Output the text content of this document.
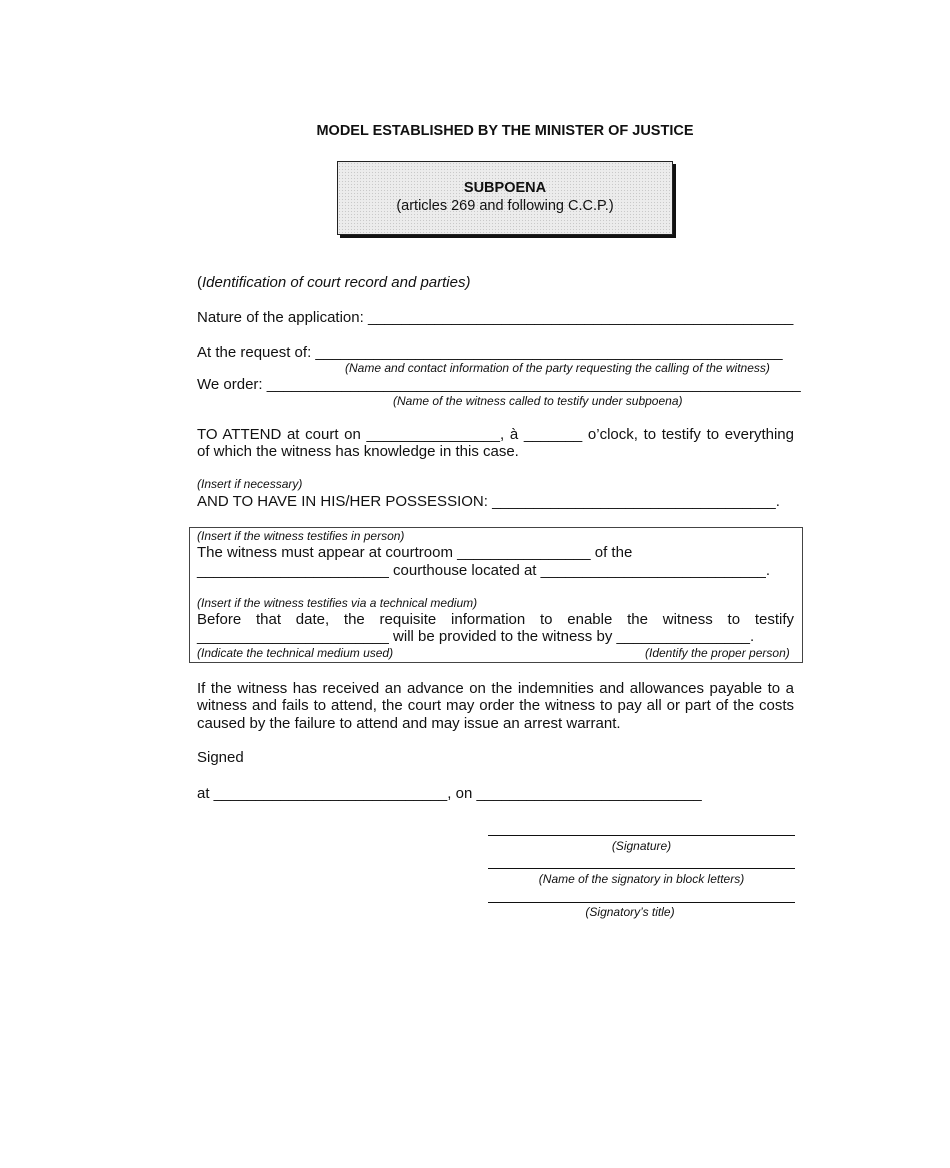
MODEL ESTABLISHED BY THE MINISTER OF JUSTICE
SUBPOENA
(articles 269 and following C.C.P.)
(Identification of court record and parties)
Nature of the application: ___________________________________________________
At the request of: ________________________________________________________
(Name and contact information of the party requesting the calling of the witness)
We order: ________________________________________________________________
(Name of the witness called to testify under subpoena)
TO ATTEND at court on ________________, à _______ o’clock, to testify to everything
of which the witness has knowledge in this case.
(Insert if necessary)
AND TO HAVE IN HIS/HER POSSESSION: __________________________________.
(Insert if the witness testifies in person)
The witness must appear at courtroom ________________ of the
_______________________ courthouse located at ___________________________.
(Insert if the witness testifies via a technical medium)
Before that date, the requisite information to enable the witness to testify
_______________________ will be provided to the witness by ________________.
(Indicate the technical medium used)	(Identify the proper person)
If the witness has received an advance on the indemnities and allowances payable to a
witness and fails to attend, the court may order the witness to pay all or part of the costs
caused by the failure to attend and may issue an arrest warrant.
Signed
at ____________________________, on ___________________________
(Signature)
(Name of the signatory in block letters)
(Signatory’s title)
